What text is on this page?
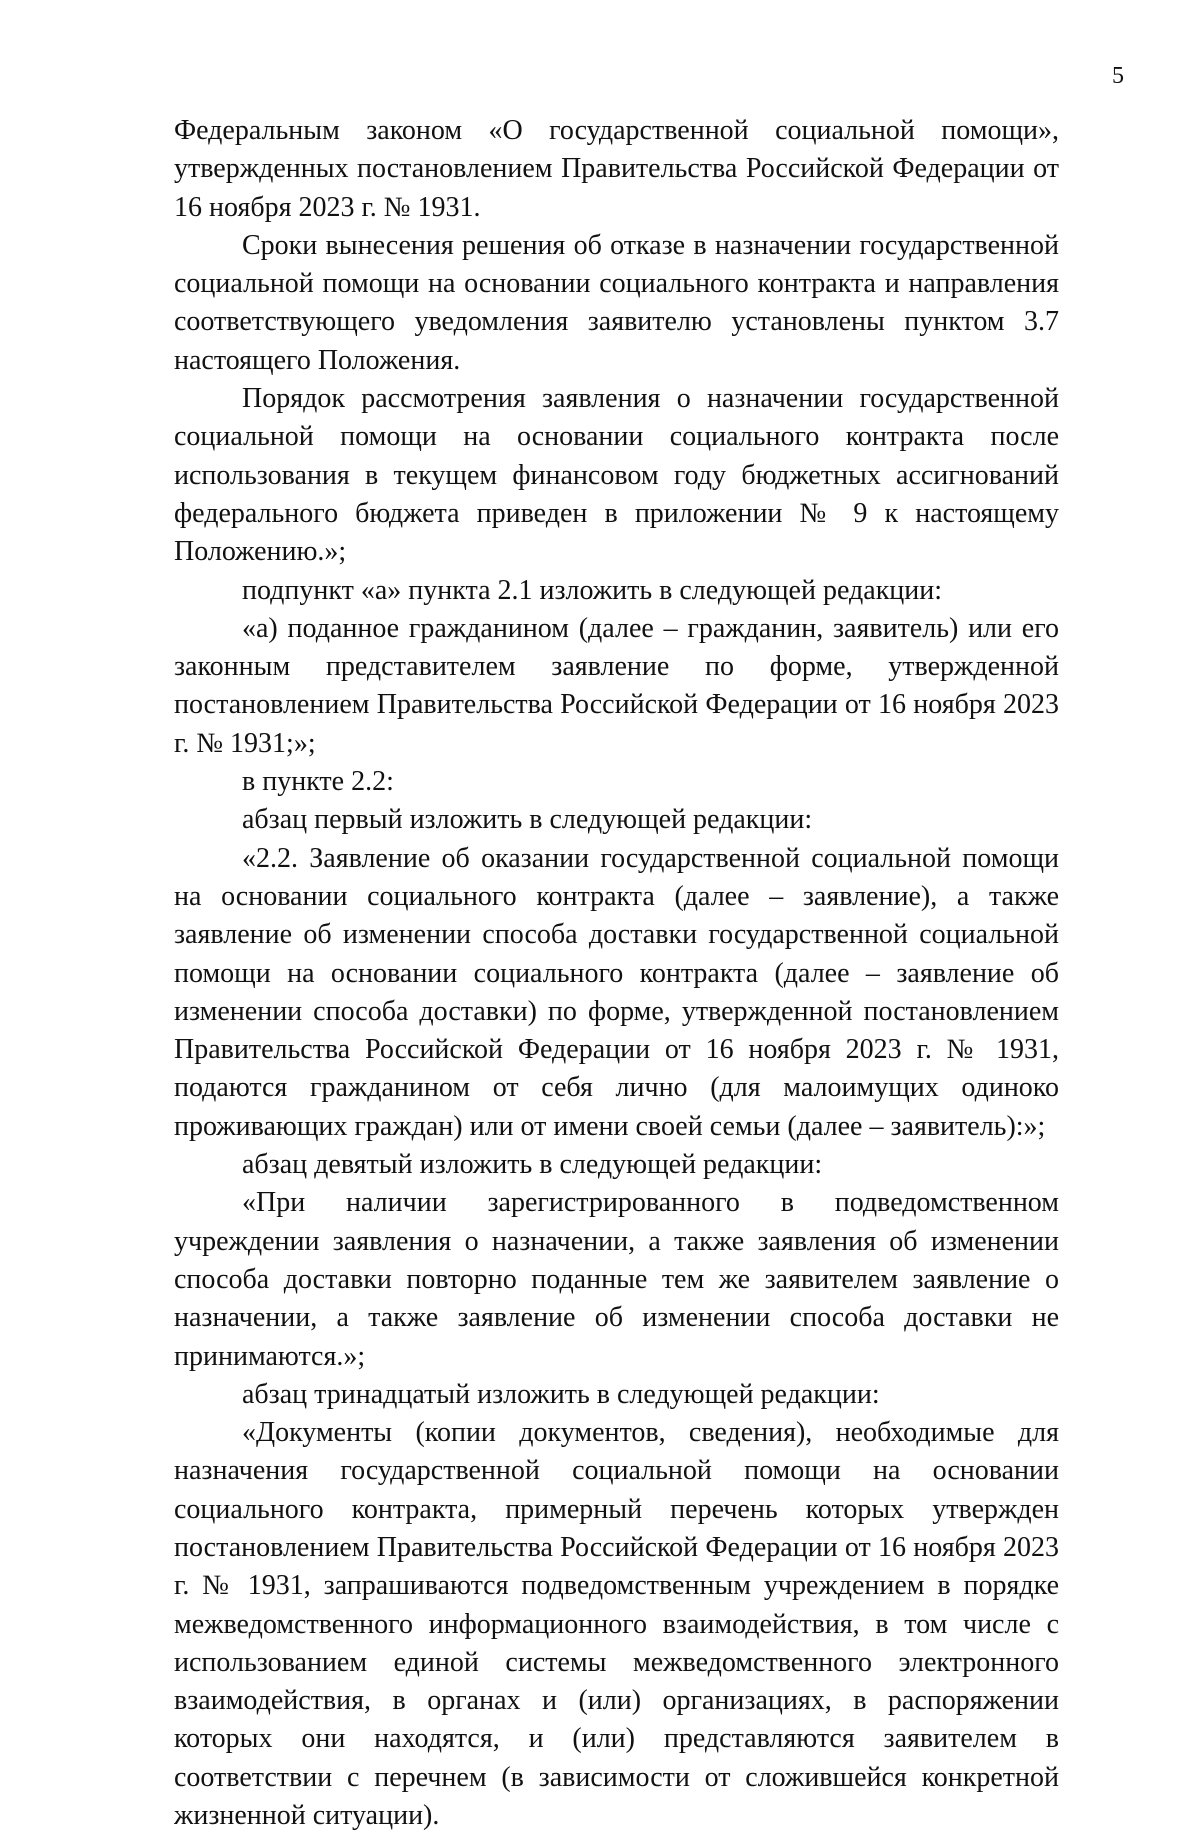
5

Федеральным законом «О государственной социальной помощи», утвержденных постановлением Правительства Российской Федерации от 16 ноября 2023 г. № 1931.

Сроки вынесения решения об отказе в назначении государственной социальной помощи на основании социального контракта и направления соответствующего уведомления заявителю установлены пунктом 3.7 настоящего Положения.

Порядок рассмотрения заявления о назначении государственной социальной помощи на основании социального контракта после использования в текущем финансовом году бюджетных ассигнований федерального бюджета приведен в приложении № 9 к настоящему Положению.»;

подпункт «а» пункта 2.1 изложить в следующей редакции:

«а) поданное гражданином (далее – гражданин, заявитель) или его законным представителем заявление по форме, утвержденной постановлением Правительства Российской Федерации от 16 ноября 2023 г. № 1931;»;

в пункте 2.2:

абзац первый изложить в следующей редакции:

«2.2. Заявление об оказании государственной социальной помощи на основании социального контракта (далее – заявление), а также заявление об изменении способа доставки государственной социальной помощи на основании социального контракта (далее – заявление об изменении способа доставки) по форме, утвержденной постановлением Правительства Российской Федерации от 16 ноября 2023 г. № 1931, подаются гражданином от себя лично (для малоимущих одиноко проживающих граждан) или от имени своей семьи (далее – заявитель):»;

абзац девятый изложить в следующей редакции:

«При наличии зарегистрированного в подведомственном учреждении заявления о назначении, а также заявления об изменении способа доставки повторно поданные тем же заявителем заявление о назначении, а также заявление об изменении способа доставки не принимаются.»;

абзац тринадцатый изложить в следующей редакции:

«Документы (копии документов, сведения), необходимые для назначения государственной социальной помощи на основании социального контракта, примерный перечень которых утвержден постановлением Правительства Российской Федерации от 16 ноября 2023 г. № 1931, запрашиваются подведомственным учреждением в порядке межведомственного информационного взаимодействия, в том числе с использованием единой системы межведомственного электронного взаимодействия, в органах и (или) организациях, в распоряжении которых они находятся, и (или) представляются заявителем в соответствии с перечнем (в зависимости от сложившейся конкретной жизненной ситуации).
